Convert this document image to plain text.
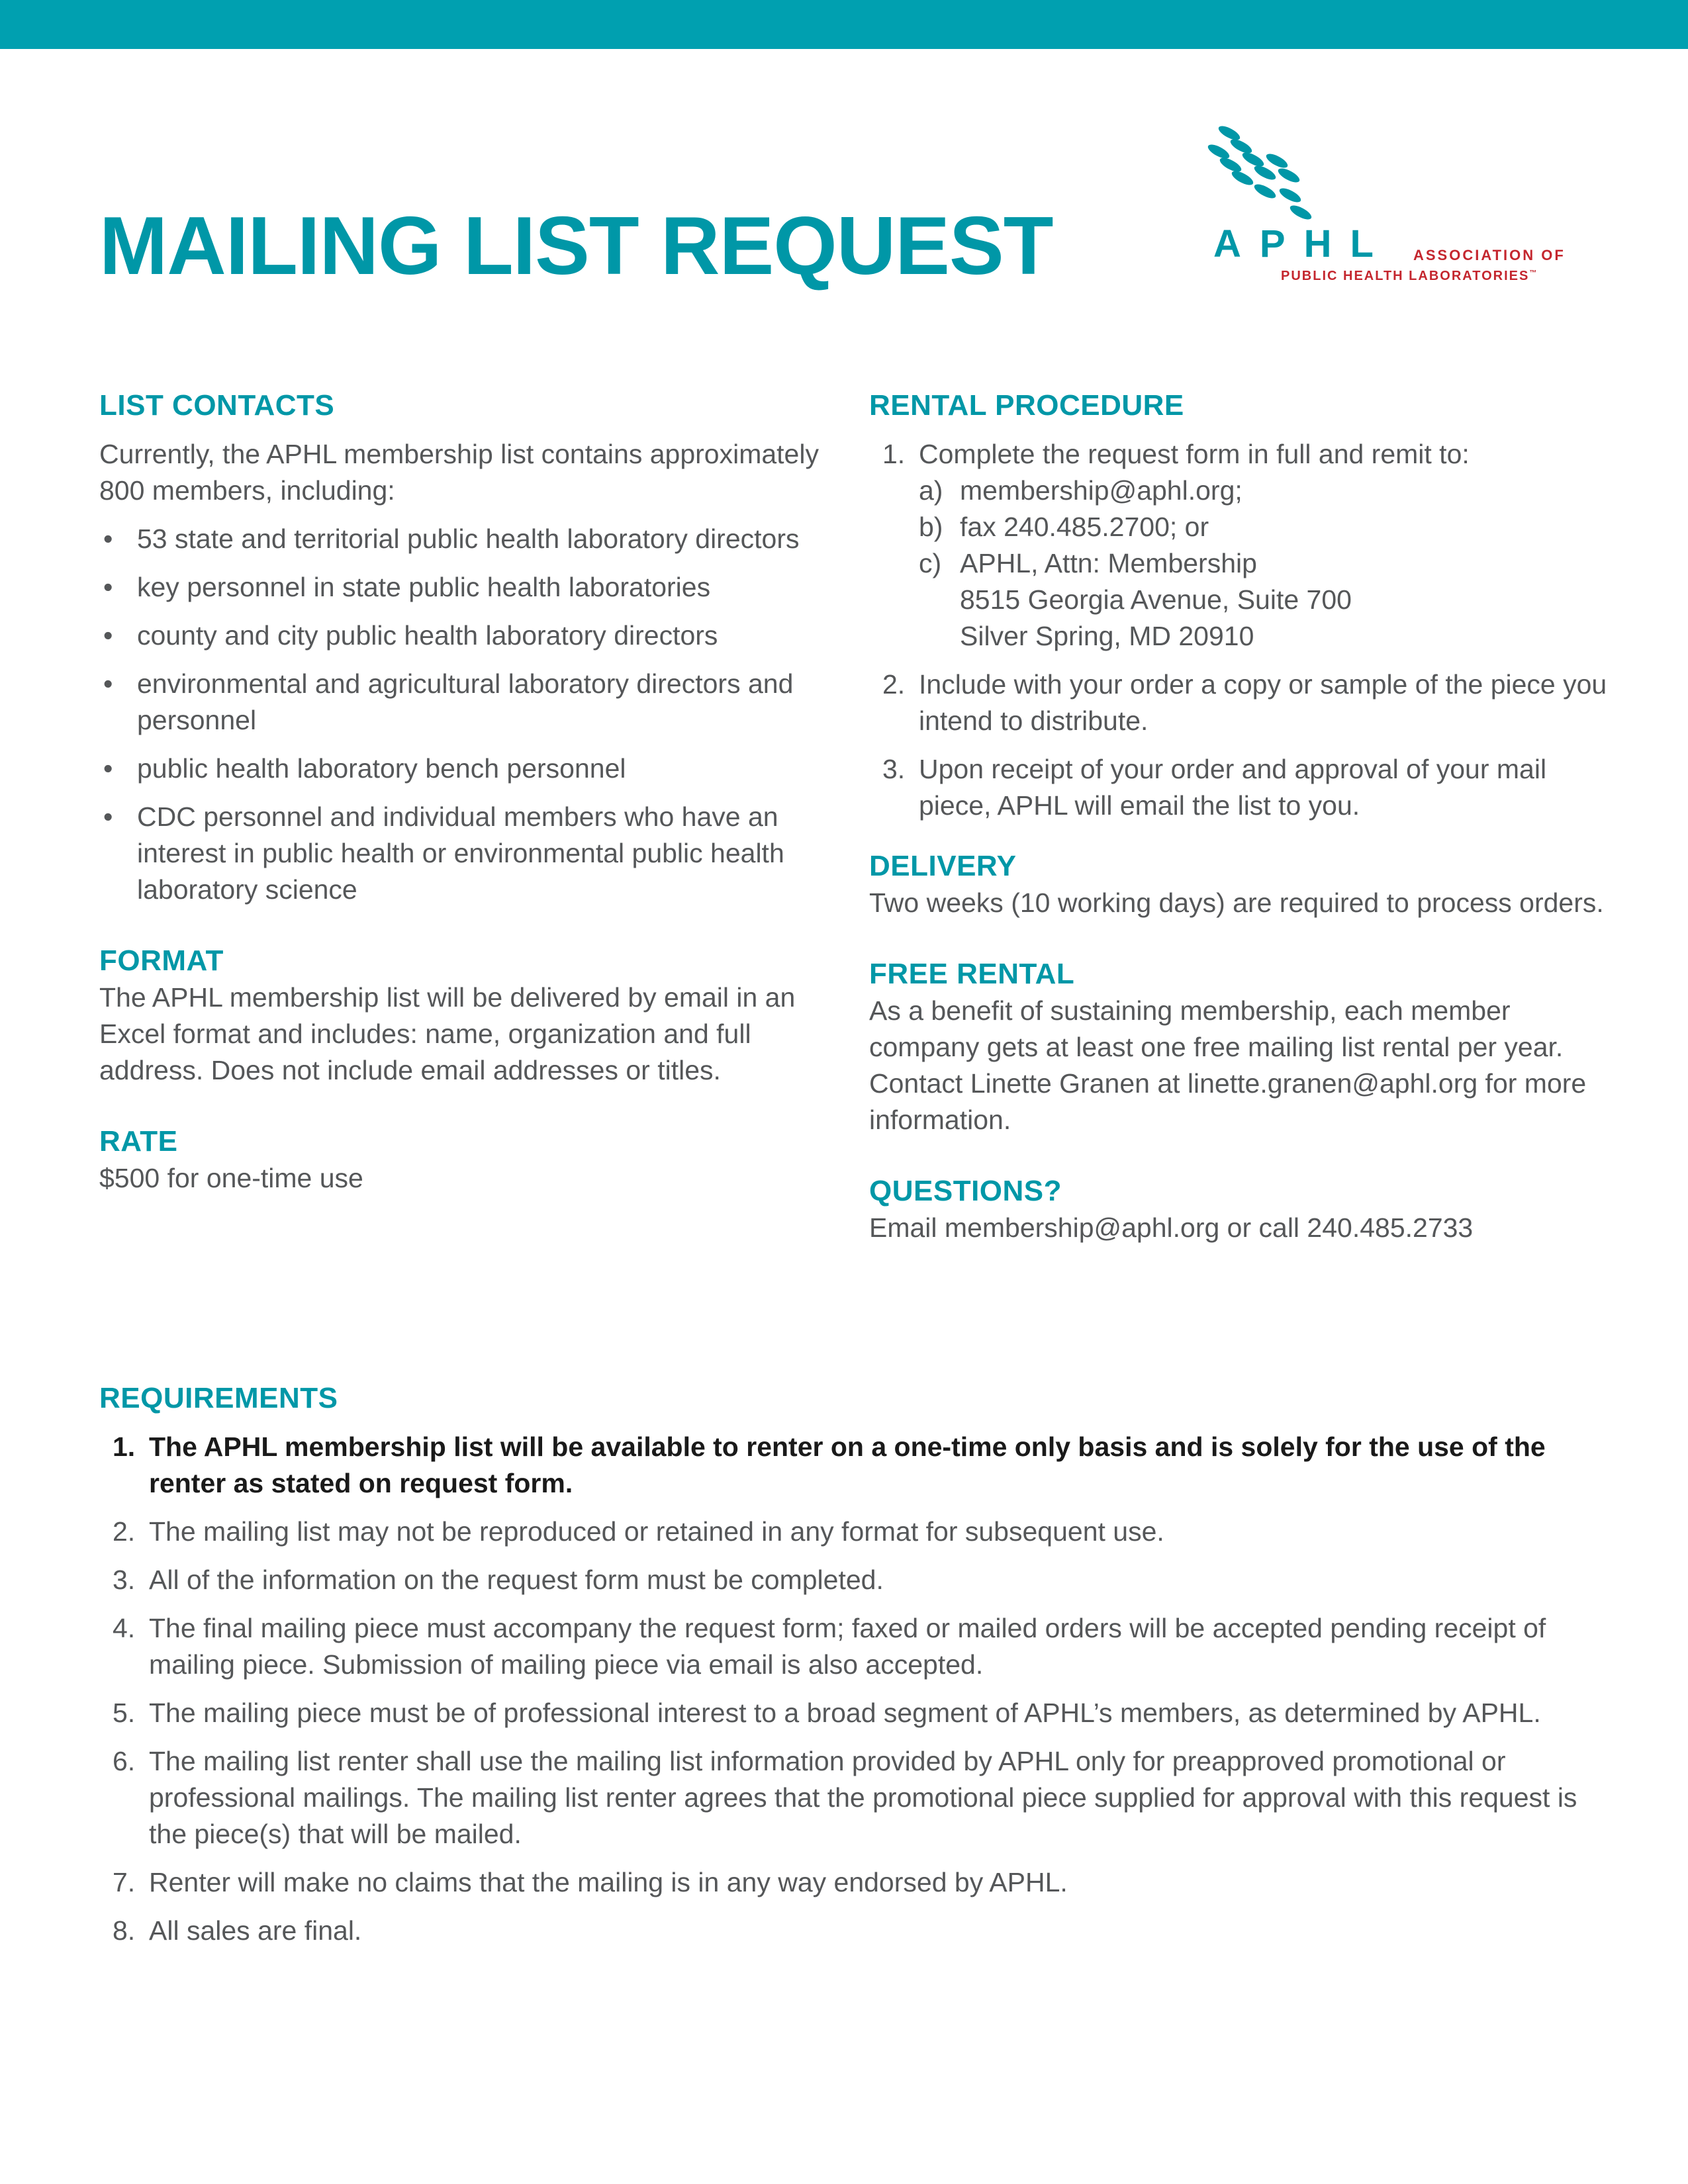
MAILING LIST REQUEST	APHL ASSOCIATION OF
PUBLIC HEALTH LABORATORIES™
LIST CONTACTS

Currently, the APHL membership list contains approximately 800 members, including:

• 53 state and territorial public health laboratory directors
• key personnel in state public health laboratories
• county and city public health laboratory directors
• environmental and agricultural laboratory directors and personnel
• public health laboratory bench personnel
• CDC personnel and individual members who have an interest in public health or environmental public health laboratory science
FORMAT

The APHL membership list will be delivered by email in an Excel format and includes: name, organization and full address. Does not include email addresses or titles.

RATE

$500 for one-time use

RENTAL PROCEDURE
1. Complete the request form in full and remit to:
a) membership@aphl.org;
b) fax 240.485.2700; or
c) APHL, Attn: Membership
8515 Georgia Avenue, Suite 700
Silver Spring, MD 20910
2. Include with your order a copy or sample of the piece you intend to distribute.
3. Upon receipt of your order and approval of your mail piece, APHL will email the list to you.
DELIVERY

Two weeks (10 working days) are required to process orders.

FREE RENTAL

As a benefit of sustaining membership, each member company gets at least one free mailing list rental per year. Contact Linette Granen at linette.granen@aphl.org for more information.

QUESTIONS?

Email membership@aphl.org or call 240.485.2733

REQUIREMENTS
1. The APHL membership list will be available to renter on a one-time only basis and is solely for the use of the renter as stated on request form.
2. The mailing list may not be reproduced or retained in any format for subsequent use.
3. All of the information on the request form must be completed.
4. The final mailing piece must accompany the request form; faxed or mailed orders will be accepted pending receipt of mailing piece. Submission of mailing piece via email is also accepted.
5. The mailing piece must be of professional interest to a broad segment of APHL’s members, as determined by APHL.
6. The mailing list renter shall use the mailing list information provided by APHL only for preapproved promotional or professional mailings. The mailing list renter agrees that the promotional piece supplied for approval with this request is the piece(s) that will be mailed.
7. Renter will make no claims that the mailing is in any way endorsed by APHL.
8. All sales are final.
